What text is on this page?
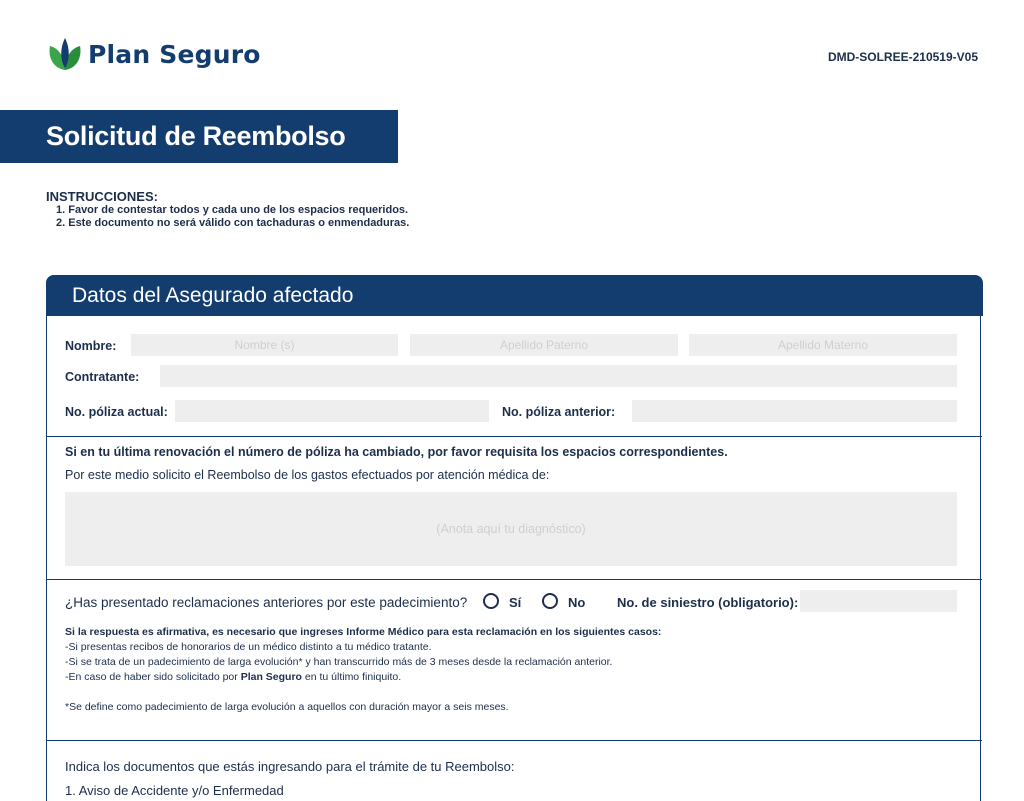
Plan Seguro	DMD-SOLREE-210519-V05
Solicitud de Reembolso
INSTRUCCIONES:
1. Favor de contestar todos y cada uno de los espacios requeridos.
2. Este documento no será válido con tachaduras o enmendaduras.
Datos del Asegurado afectado
Nombre:	Nombre (s)	Apellido Paterno	Apellido Materno
Contratante:
No. póliza actual:	No. póliza anterior:
Si en tu última renovación el número de póliza ha cambiado, por favor requisita los espacios correspondientes.
Por este medio solicito el Reembolso de los gastos efectuados por atención médica de:
(Anota aquí tu diagnóstico)
¿Has presentado reclamaciones anteriores por este padecimiento?	Sí	No No. de siniestro (obligatorio):
Si la respuesta es afirmativa, es necesario que ingreses Informe Médico para esta reclamación en los siguientes casos:
-Si presentas recibos de honorarios de un médico distinto a tu médico tratante.
-Si se trata de un padecimiento de larga evolución* y han transcurrido más de 3 meses desde la reclamación anterior.
-En caso de haber sido solicitado por Plan Seguro en tu último finiquito.
*Se define como padecimiento de larga evolución a aquellos con duración mayor a seis meses.
Indica los documentos que estás ingresando para el trámite de tu Reembolso:
1. Aviso de Accidente y/o Enfermedad
